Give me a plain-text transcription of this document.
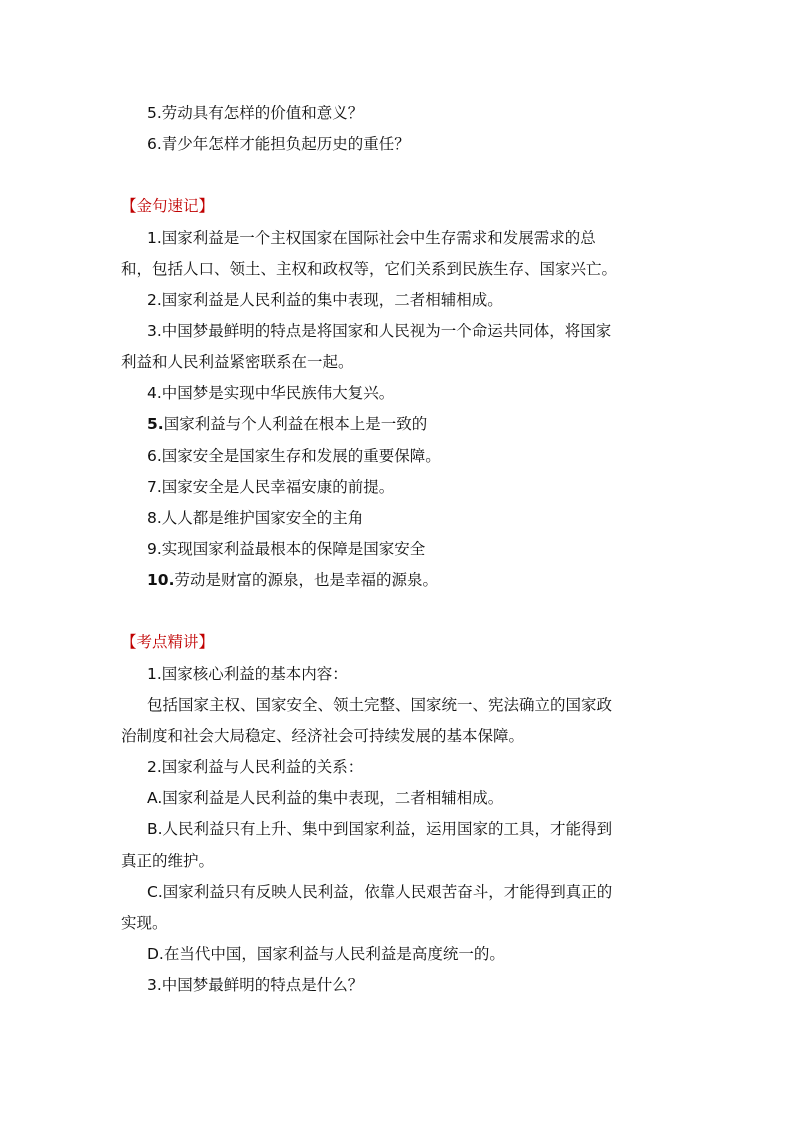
5.劳动具有怎样的价值和意义？
6.青少年怎样才能担负起历史的重任？
【金句速记】
1.国家利益是一个主权国家在国际社会中生存需求和发展需求的总
和，包括人口、领土、主权和政权等，它们关系到民族生存、国家兴亡。
2.国家利益是人民利益的集中表现，二者相辅相成。
3.中国梦最鲜明的特点是将国家和人民视为一个命运共同体，将国家
利益和人民利益紧密联系在一起。
4.中国梦是实现中华民族伟大复兴。
5.国家利益与个人利益在根本上是一致的
6.国家安全是国家生存和发展的重要保障。
7.国家安全是人民幸福安康的前提。
8.人人都是维护国家安全的主角
9.实现国家利益最根本的保障是国家安全
10.劳动是财富的源泉，也是幸福的源泉。
【考点精讲】
1.国家核心利益的基本内容：
包括国家主权、国家安全、领土完整、国家统一、宪法确立的国家政
治制度和社会大局稳定、经济社会可持续发展的基本保障。
2.国家利益与人民利益的关系：
A.国家利益是人民利益的集中表现，二者相辅相成。
B.人民利益只有上升、集中到国家利益，运用国家的工具，才能得到
真正的维护。
C.国家利益只有反映人民利益，依靠人民艰苦奋斗，才能得到真正的
实现。
D.在当代中国，国家利益与人民利益是高度统一的。
3.中国梦最鲜明的特点是什么？
